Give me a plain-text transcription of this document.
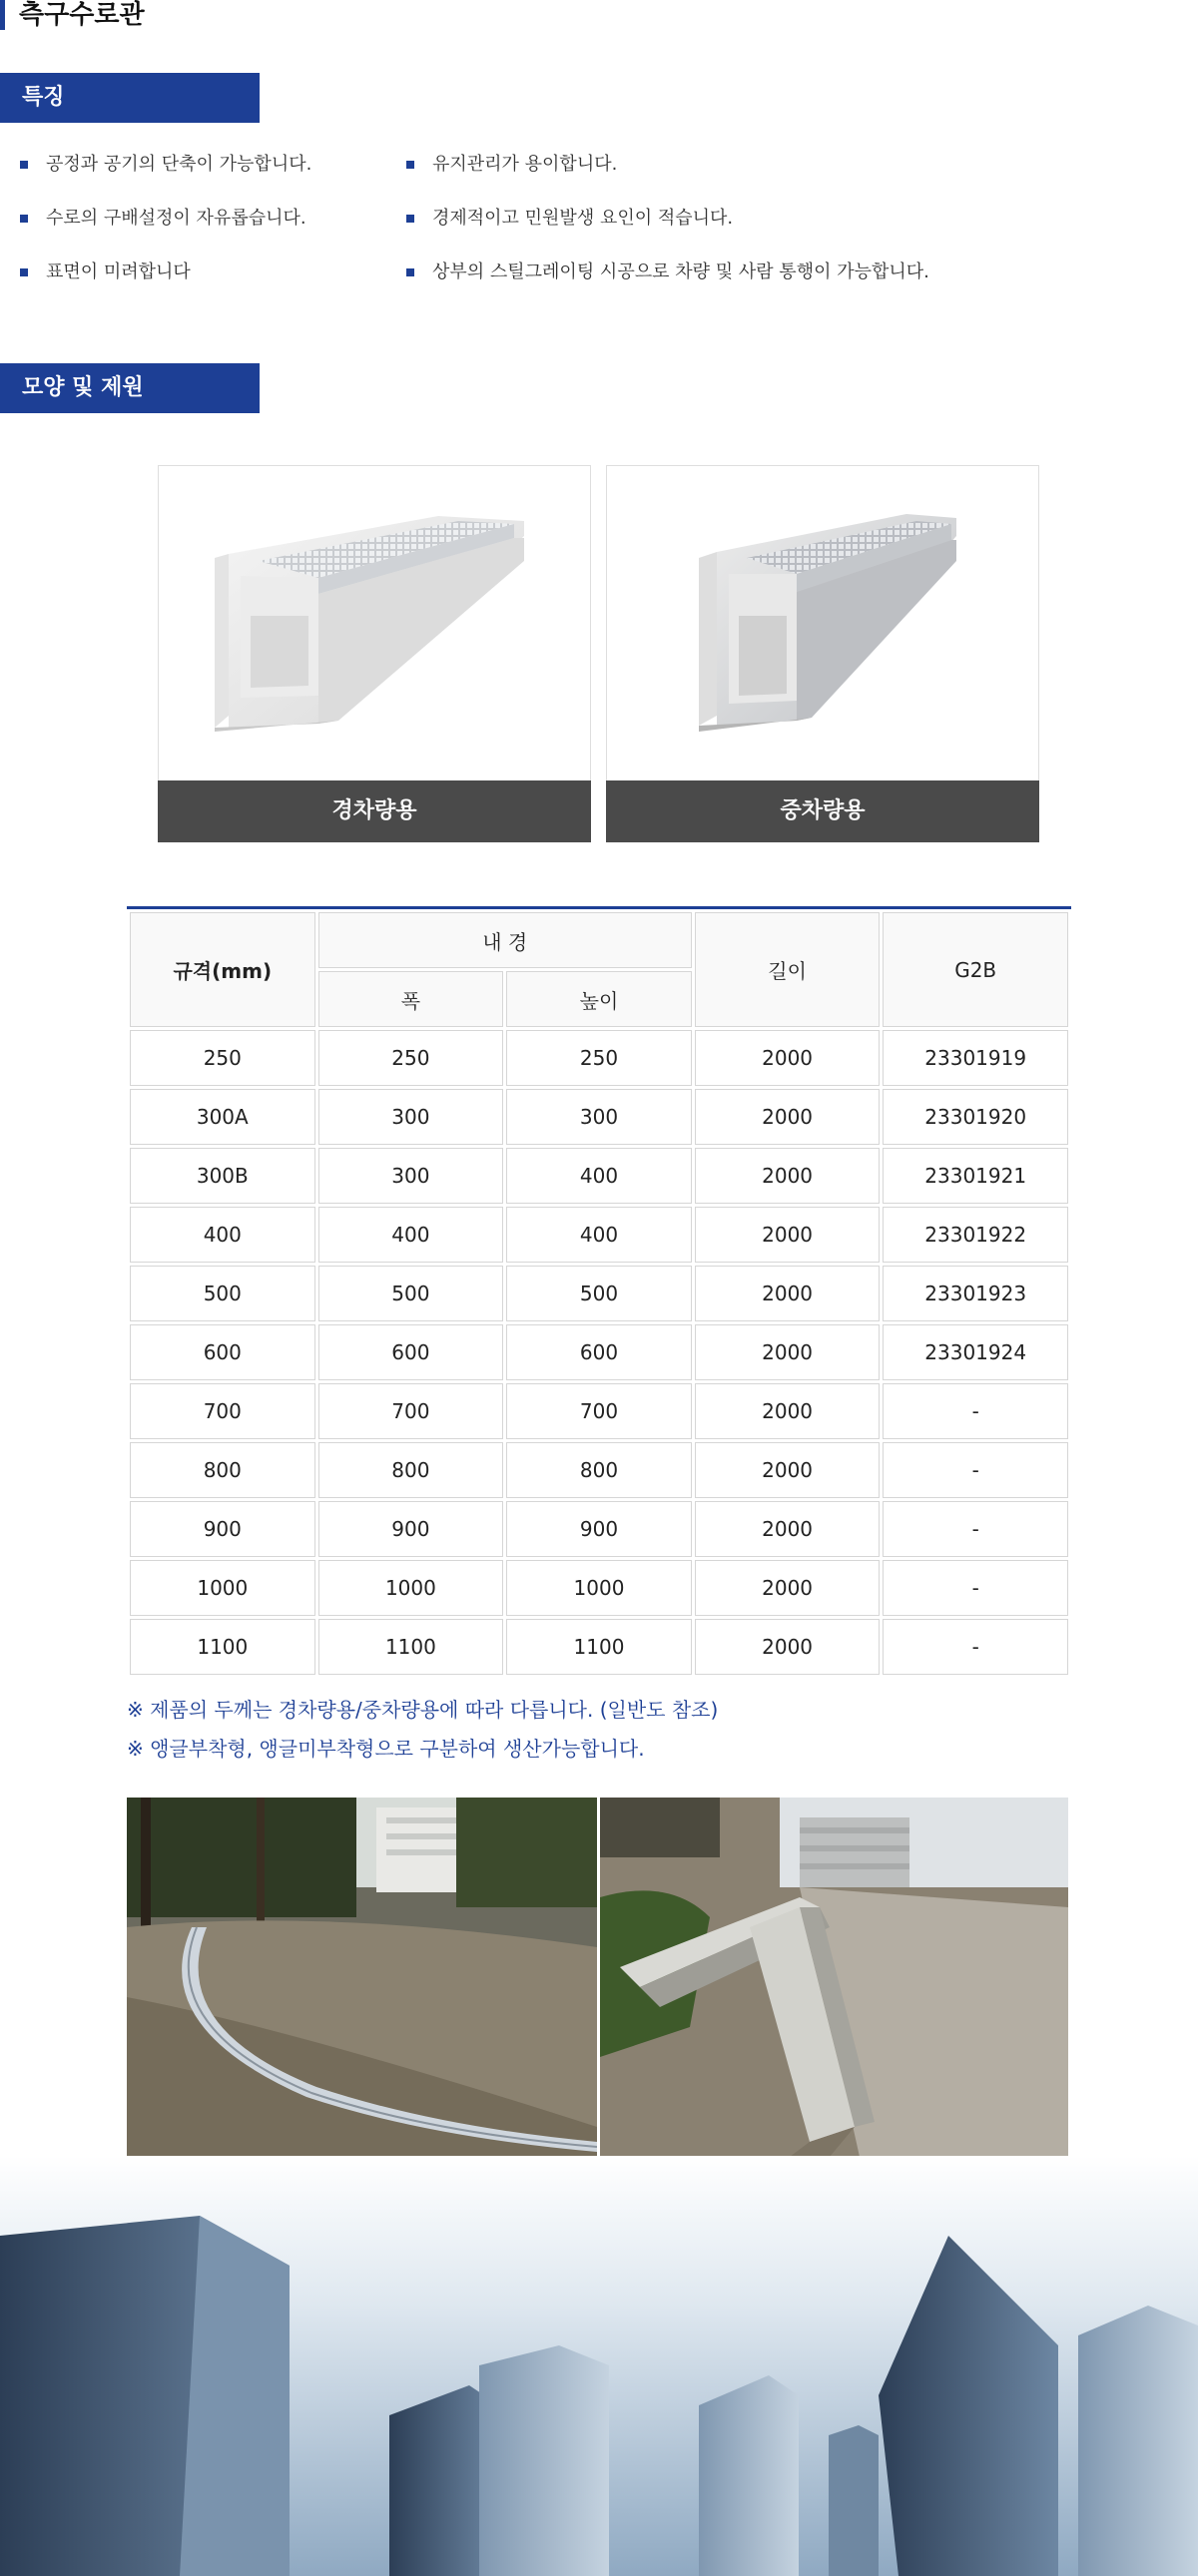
측구수로관
특징
공정과 공기의 단축이 가능합니다.
수로의 구배설정이 자유롭습니다.
표면이 미려합니다
유지관리가 용이합니다.
경제적이고 민원발생 요인이 적습니다.
상부의 스틸그레이팅 시공으로 차량 및 사람 통행이 가능합니다.
모양 및 제원
경차량용	중차량용
규격(mm)	내 경		길이	G2B
	폭	높이		
250	250	250	2000	23301919
300A	300	300	2000	23301920
300B	300	400	2000	23301921
400	400	400	2000	23301922
500	500	500	2000	23301923
600	600	600	2000	23301924
700	700	700	2000	-
800	800	800	2000	-
900	900	900	2000	-
1000	1000	1000	2000	-
1100	1100	1100	2000	-
※ 제품의 두께는 경차량용/중차량용에 따라 다릅니다. (일반도 참조)
※ 앵글부착형, 앵글미부착형으로 구분하여 생산가능합니다.
